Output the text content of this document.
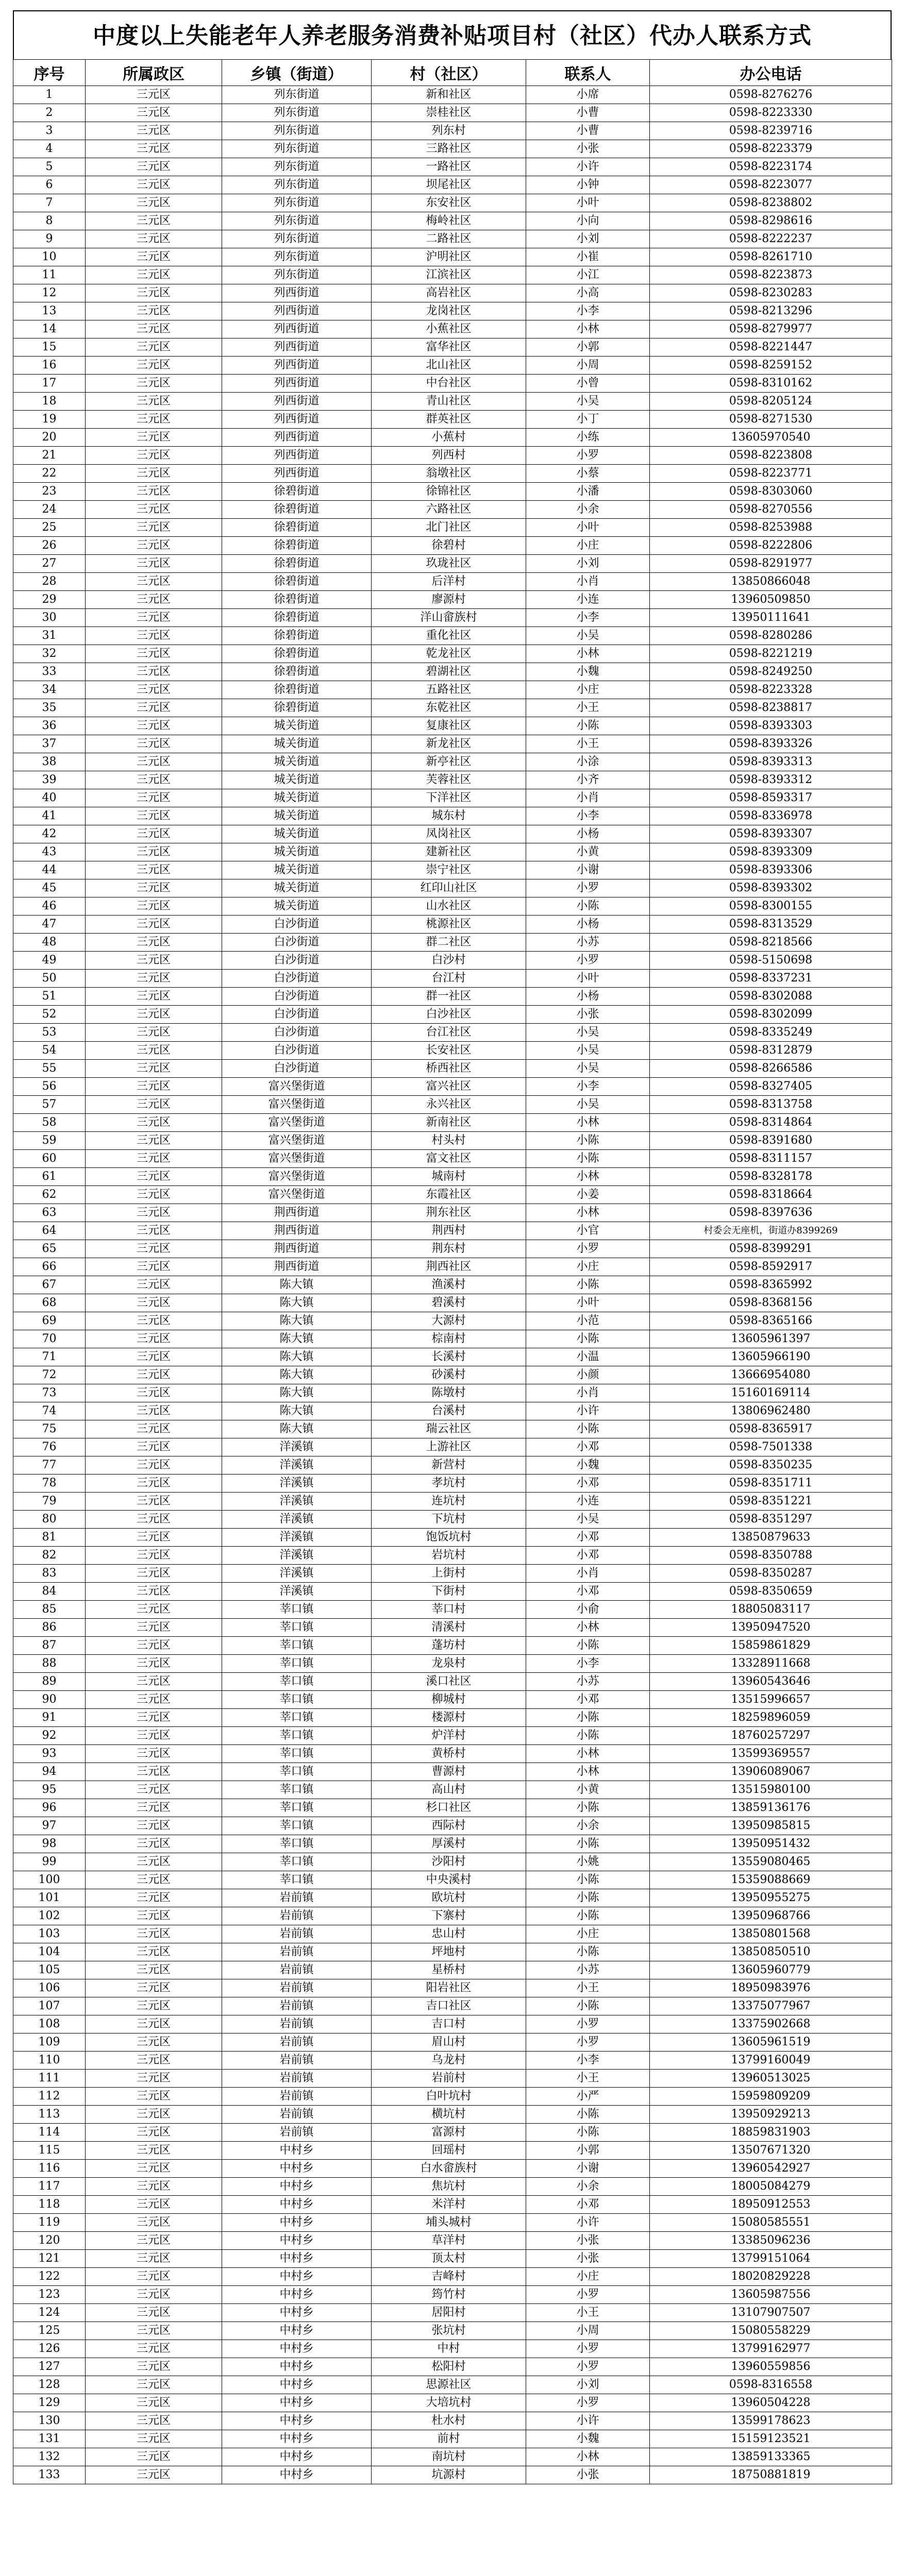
中度以上失能老年人养老服务消费补贴项目村（社区）代办人联系方式
序号	所属政区	乡镇（街道）	村（社区）	联系人	办公电话
1	三元区	列东街道	新和社区	小席	0598-8276276
2	三元区	列东街道	崇桂社区	小曹	0598-8223330
3	三元区	列东街道	列东村	小曹	0598-8239716
4	三元区	列东街道	三路社区	小张	0598-8223379
5	三元区	列东街道	一路社区	小许	0598-8223174
6	三元区	列东街道	坝尾社区	小钟	0598-8223077
7	三元区	列东街道	东安社区	小叶	0598-8238802
8	三元区	列东街道	梅岭社区	小向	0598-8298616
9	三元区	列东街道	二路社区	小刘	0598-8222237
10	三元区	列东街道	沪明社区	小崔	0598-8261710
11	三元区	列东街道	江滨社区	小江	0598-8223873
12	三元区	列西街道	高岩社区	小高	0598-8230283
13	三元区	列西街道	龙岗社区	小李	0598-8213296
14	三元区	列西街道	小蕉社区	小林	0598-8279977
15	三元区	列西街道	富华社区	小郭	0598-8221447
16	三元区	列西街道	北山社区	小周	0598-8259152
17	三元区	列西街道	中台社区	小曾	0598-8310162
18	三元区	列西街道	青山社区	小吴	0598-8205124
19	三元区	列西街道	群英社区	小丁	0598-8271530
20	三元区	列西街道	小蕉村	小练	13605970540
21	三元区	列西街道	列西村	小罗	0598-8223808
22	三元区	列西街道	翁墩社区	小蔡	0598-8223771
23	三元区	徐碧街道	徐锦社区	小潘	0598-8303060
24	三元区	徐碧街道	六路社区	小余	0598-8270556
25	三元区	徐碧街道	北门社区	小叶	0598-8253988
26	三元区	徐碧街道	徐碧村	小庄	0598-8222806
27	三元区	徐碧街道	玖珑社区	小刘	0598-8291977
28	三元区	徐碧街道	后洋村	小肖	13850866048
29	三元区	徐碧街道	廖源村	小连	13960509850
30	三元区	徐碧街道	洋山畲族村	小李	13950111641
31	三元区	徐碧街道	重化社区	小吴	0598-8280286
32	三元区	徐碧街道	乾龙社区	小林	0598-8221219
33	三元区	徐碧街道	碧湖社区	小魏	0598-8249250
34	三元区	徐碧街道	五路社区	小庄	0598-8223328
35	三元区	徐碧街道	东乾社区	小王	0598-8238817
36	三元区	城关街道	复康社区	小陈	0598-8393303
37	三元区	城关街道	新龙社区	小王	0598-8393326
38	三元区	城关街道	新亭社区	小涂	0598-8393313
39	三元区	城关街道	芙蓉社区	小齐	0598-8393312
40	三元区	城关街道	下洋社区	小肖	0598-8593317
41	三元区	城关街道	城东村	小李	0598-8336978
42	三元区	城关街道	凤岗社区	小杨	0598-8393307
43	三元区	城关街道	建新社区	小黄	0598-8393309
44	三元区	城关街道	崇宁社区	小谢	0598-8393306
45	三元区	城关街道	红印山社区	小罗	0598-8393302
46	三元区	城关街道	山水社区	小陈	0598-8300155
47	三元区	白沙街道	桃源社区	小杨	0598-8313529
48	三元区	白沙街道	群二社区	小苏	0598-8218566
49	三元区	白沙街道	白沙村	小罗	0598-5150698
50	三元区	白沙街道	台江村	小叶	0598-8337231
51	三元区	白沙街道	群一社区	小杨	0598-8302088
52	三元区	白沙街道	白沙社区	小张	0598-8302099
53	三元区	白沙街道	台江社区	小吴	0598-8335249
54	三元区	白沙街道	长安社区	小吴	0598-8312879
55	三元区	白沙街道	桥西社区	小吴	0598-8266586
56	三元区	富兴堡街道	富兴社区	小李	0598-8327405
57	三元区	富兴堡街道	永兴社区	小吴	0598-8313758
58	三元区	富兴堡街道	新南社区	小林	0598-8314864
59	三元区	富兴堡街道	村头村	小陈	0598-8391680
60	三元区	富兴堡街道	富文社区	小陈	0598-8311157
61	三元区	富兴堡街道	城南村	小林	0598-8328178
62	三元区	富兴堡街道	东霞社区	小姜	0598-8318664
63	三元区	荆西街道	荆东社区	小林	0598-8397636
64	三元区	荆西街道	荆西村	小官	村委会无座机，街道办8399269
65	三元区	荆西街道	荆东村	小罗	0598-8399291
66	三元区	荆西街道	荆西社区	小庄	0598-8592917
67	三元区	陈大镇	渔溪村	小陈	0598-8365992
68	三元区	陈大镇	碧溪村	小叶	0598-8368156
69	三元区	陈大镇	大源村	小范	0598-8365166
70	三元区	陈大镇	棕南村	小陈	13605961397
71	三元区	陈大镇	长溪村	小温	13605966190
72	三元区	陈大镇	砂溪村	小颜	13666954080
73	三元区	陈大镇	陈墩村	小肖	15160169114
74	三元区	陈大镇	台溪村	小许	13806962480
75	三元区	陈大镇	瑞云社区	小陈	0598-8365917
76	三元区	洋溪镇	上游社区	小邓	0598-7501338
77	三元区	洋溪镇	新营村	小魏	0598-8350235
78	三元区	洋溪镇	孝坑村	小邓	0598-8351711
79	三元区	洋溪镇	连坑村	小连	0598-8351221
80	三元区	洋溪镇	下坑村	小吴	0598-8351297
81	三元区	洋溪镇	饱饭坑村	小邓	13850879633
82	三元区	洋溪镇	岩坑村	小邓	0598-8350788
83	三元区	洋溪镇	上街村	小肖	0598-8350287
84	三元区	洋溪镇	下街村	小邓	0598-8350659
85	三元区	莘口镇	莘口村	小俞	18805083117
86	三元区	莘口镇	清溪村	小林	13950947520
87	三元区	莘口镇	蓬坊村	小陈	15859861829
88	三元区	莘口镇	龙泉村	小李	13328911668
89	三元区	莘口镇	溪口社区	小苏	13960543646
90	三元区	莘口镇	柳城村	小邓	13515996657
91	三元区	莘口镇	楼源村	小陈	18259896059
92	三元区	莘口镇	炉洋村	小陈	18760257297
93	三元区	莘口镇	黄桥村	小林	13599369557
94	三元区	莘口镇	曹源村	小林	13906089067
95	三元区	莘口镇	高山村	小黄	13515980100
96	三元区	莘口镇	杉口社区	小陈	13859136176
97	三元区	莘口镇	西际村	小余	13950985815
98	三元区	莘口镇	厚溪村	小陈	13950951432
99	三元区	莘口镇	沙阳村	小姚	13559080465
100	三元区	莘口镇	中央溪村	小陈	15359088669
101	三元区	岩前镇	欧坑村	小陈	13950955275
102	三元区	岩前镇	下寨村	小陈	13950968766
103	三元区	岩前镇	忠山村	小庄	13850801568
104	三元区	岩前镇	坪地村	小陈	13850850510
105	三元区	岩前镇	星桥村	小苏	13605960779
106	三元区	岩前镇	阳岩社区	小王	18950983976
107	三元区	岩前镇	吉口社区	小陈	13375077967
108	三元区	岩前镇	吉口村	小罗	13375902668
109	三元区	岩前镇	眉山村	小罗	13605961519
110	三元区	岩前镇	乌龙村	小李	13799160049
111	三元区	岩前镇	岩前村	小王	13960513025
112	三元区	岩前镇	白叶坑村	小严	15959809209
113	三元区	岩前镇	横坑村	小陈	13950929213
114	三元区	岩前镇	富源村	小陈	18859831903
115	三元区	中村乡	回瑶村	小郭	13507671320
116	三元区	中村乡	白水畲族村	小谢	13960542927
117	三元区	中村乡	焦坑村	小余	18005084279
118	三元区	中村乡	米洋村	小邓	18950912553
119	三元区	中村乡	埔头城村	小许	15080585551
120	三元区	中村乡	草洋村	小张	13385096236
121	三元区	中村乡	顶太村	小张	13799151064
122	三元区	中村乡	吉峰村	小庄	18020829228
123	三元区	中村乡	筠竹村	小罗	13605987556
124	三元区	中村乡	居阳村	小王	13107907507
125	三元区	中村乡	张坑村	小周	15080558229
126	三元区	中村乡	中村	小罗	13799162977
127	三元区	中村乡	松阳村	小罗	13960559856
128	三元区	中村乡	思源社区	小刘	0598-8316558
129	三元区	中村乡	大培坑村	小罗	13960504228
130	三元区	中村乡	杜水村	小许	13599178623
131	三元区	中村乡	前村	小魏	15159123521
132	三元区	中村乡	南坑村	小林	13859133365
133	三元区	中村乡	坑源村	小张	18750881819
